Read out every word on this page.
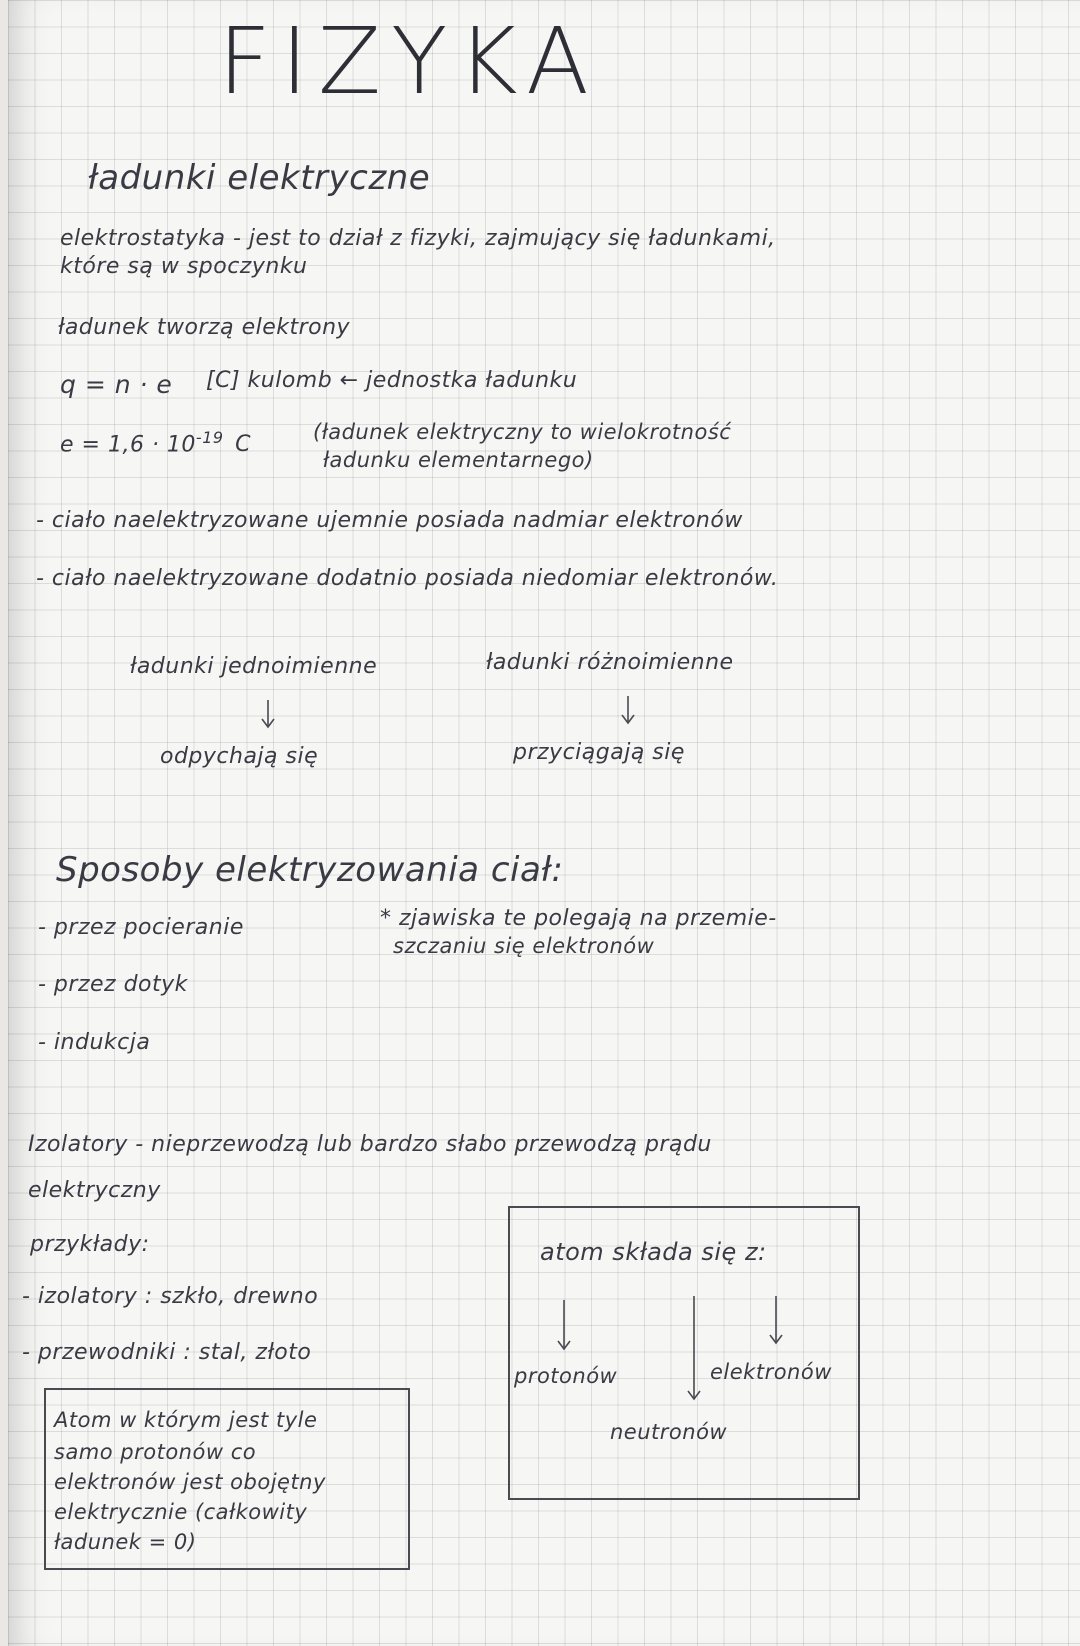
FIZYKA
ładunki elektryczne
elektrostatyka - jest to dział z fizyki, zajmujący się ładunkami,
które są w spoczynku
ładunek tworzą elektrony
q = n · e [C] kulomb ← jednostka ładunku
$e = 1,6 \cdot 10^{-19}$ C
(ładunek elektryczny to wielokrotność
ładunku elementarnego)
- ciało naelektryzowane ujemnie posiada nadmiar elektronów
- ciało naelektryzowane dodatnio posiada niedomiar elektronów.
ładunki jednoimienne
odpychają się
ładunki różnoimienne
przyciągają się
Sposoby elektryzowania ciał:
- przez pocieranie
- przez dotyk
- indukcja
* zjawiska te polegają na przemie-
szczaniu się elektronów
Izolatory - nieprzewodzą lub bardzo słabo przewodzą prądu
elektryczny
przykłady:
- izolatory : szkło, drewno
- przewodniki : stal, złoto
Atom w którym jest tyle
samo protonów co
elektronów jest obojętny
elektrycznie (całkowity
ładunek = 0)
atom składa się z:
protonów	elektronów
neutronów
